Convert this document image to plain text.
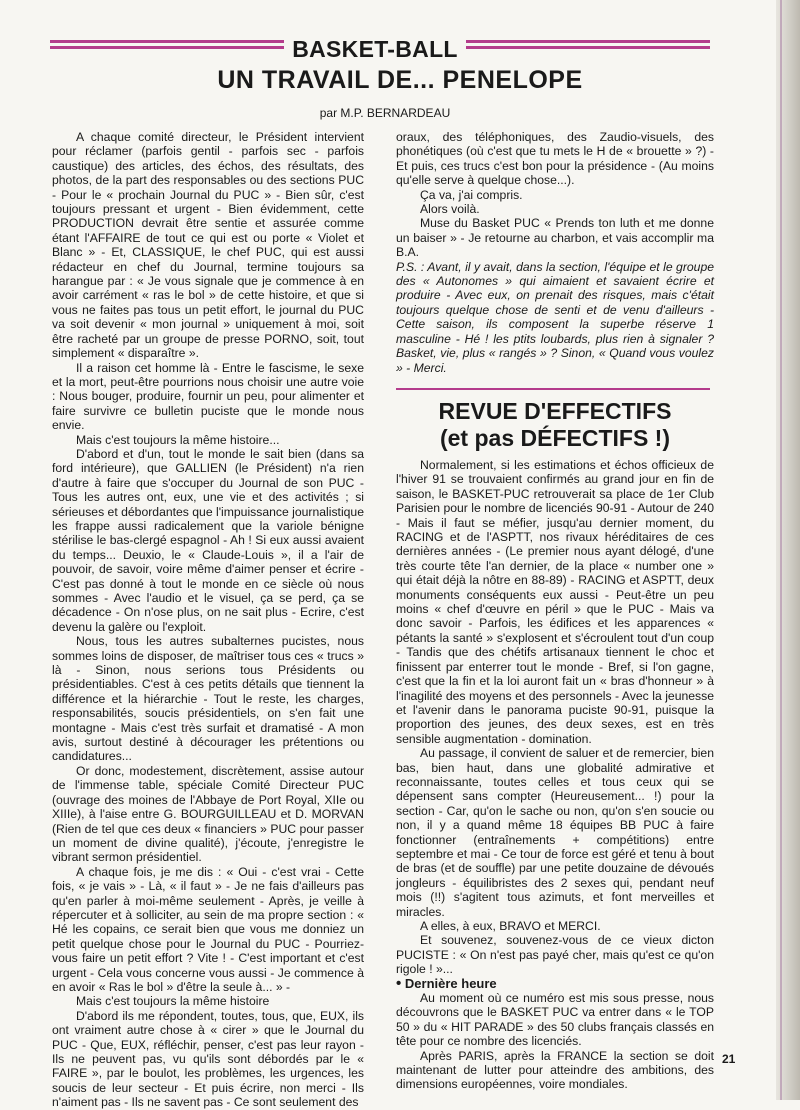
BASKET-BALL
UN TRAVAIL DE... PENELOPE
par M.P. BERNARDEAU

A chaque comité directeur, le Président intervient pour réclamer (parfois gentil - parfois sec - parfois caustique) des articles, des échos, des résultats, des photos, de la part des responsables ou des sections PUC - Pour le « prochain Journal du PUC » - Bien sûr, c'est toujours pressant et urgent - Bien évidemment, cette PRODUCTION devrait être sentie et assurée comme étant l'AFFAIRE de tout ce qui est ou porte « Violet et Blanc » - Et, CLASSIQUE, le chef PUC, qui est aussi rédacteur en chef du Journal, termine toujours sa harangue par : « Je vous signale que je commence à en avoir carrément « ras le bol » de cette histoire, et que si vous ne faites pas tous un petit effort, le journal du PUC va soit devenir « mon journal » uniquement à moi, soit être racheté par un groupe de presse PORNO, soit, tout simplement « disparaître ».

Il a raison cet homme là - Entre le fascisme, le sexe et la mort, peut-être pourrions nous choisir une autre voie : Nous bouger, produire, fournir un peu, pour alimenter et faire survivre ce bulletin puciste que le monde nous envie.

Mais c'est toujours la même histoire...

D'abord et d'un, tout le monde le sait bien (dans sa ford intérieure), que GALLIEN (le Président) n'a rien d'autre à faire que s'occuper du Journal de son PUC - Tous les autres ont, eux, une vie et des activités ; si sérieuses et débordantes que l'impuissance journalistique les frappe aussi radicalement que la variole bénigne stérilise le bas-clergé espagnol - Ah ! Si eux aussi avaient du temps... Deuxio, le « Claude-Louis », il a l'air de pouvoir, de savoir, voire même d'aimer penser et écrire - C'est pas donné à tout le monde en ce siècle où nous sommes - Avec l'audio et le visuel, ça se perd, ça se décadence - On n'ose plus, on ne sait plus - Ecrire, c'est devenu la galère ou l'exploit.

Nous, tous les autres subalternes pucistes, nous sommes loins de disposer, de maîtriser tous ces « trucs » là - Sinon, nous serions tous Présidents ou présidentiables. C'est à ces petits détails que tiennent la différence et la hiérarchie - Tout le reste, les charges, responsabilités, soucis présidentiels, on s'en fait une montagne - Mais c'est très surfait et dramatisé - A mon avis, surtout destiné à décourager les prétentions ou candidatures...

Or donc, modestement, discrètement, assise autour de l'immense table, spéciale Comité Directeur PUC (ouvrage des moines de l'Abbaye de Port Royal, XIIe ou XIIIe), à l'aise entre G. BOURGUILLEAU et D. MORVAN (Rien de tel que ces deux « financiers » PUC pour passer un moment de divine qualité), j'écoute, j'enregistre le vibrant sermon présidentiel.

A chaque fois, je me dis : « Oui - c'est vrai - Cette fois, « je vais » - Là, « il faut » - Je ne fais d'ailleurs pas qu'en parler à moi-même seulement - Après, je veille à répercuter et à solliciter, au sein de ma propre section : « Hé les copains, ce serait bien que vous me donniez un petit quelque chose pour le Journal du PUC - Pourriez-vous faire un petit effort ? Vite ! - C'est important et c'est urgent - Cela vous concerne vous aussi - Je commence à en avoir « Ras le bol » d'être la seule à... » -

Mais c'est toujours la même histoire

D'abord ils me répondent, toutes, tous, que, EUX, ils ont vraiment autre chose à « cirer » que le Journal du PUC - Que, EUX, réfléchir, penser, c'est pas leur rayon - Ils ne peuvent pas, vu qu'ils sont débordés par le « FAIRE », par le boulot, les problèmes, les urgences, les soucis de leur secteur - Et puis écrire, non merci - Ils n'aiment pas - Ils ne savent pas - Ce sont seulement des

oraux, des téléphoniques, des Zaudio-visuels, des phonétiques (où c'est que tu mets le H de « brouette » ?) - Et puis, ces trucs c'est bon pour la présidence - (Au moins qu'elle serve à quelque chose...).

Ça va, j'ai compris.

Alors voilà.

Muse du Basket PUC « Prends ton luth et me donne un baiser » - Je retourne au charbon, et vais accomplir ma B.A.

P.S. : Avant, il y avait, dans la section, l'équipe et le groupe des « Autonomes » qui aimaient et savaient écrire et produire - Avec eux, on prenait des risques, mais c'était toujours quelque chose de senti et de venu d'ailleurs - Cette saison, ils composent la superbe réserve 1 masculine - Hé ! les ptits loubards, plus rien à signaler ? Basket, vie, plus « rangés » ? Sinon, « Quand vous voulez » - Merci.

REVUE D'EFFECTIFS
(et pas DÉFECTIFS !)

Normalement, si les estimations et échos officieux de l'hiver 91 se trouvaient confirmés au grand jour en fin de saison, le BASKET-PUC retrouverait sa place de 1er Club Parisien pour le nombre de licenciés 90-91 - Autour de 240 - Mais il faut se méfier, jusqu'au dernier moment, du RACING et de l'ASPTT, nos rivaux héréditaires de ces dernières années - (Le premier nous ayant délogé, d'une très courte tête l'an dernier, de la place « number one » qui était déjà la nôtre en 88-89) - RACING et ASPTT, deux monuments conséquents eux aussi - Peut-être un peu moins « chef d'œuvre en péril » que le PUC - Mais va donc savoir - Parfois, les édifices et les apparences « pétants la santé » s'explosent et s'écroulent tout d'un coup - Tandis que des chétifs artisanaux tiennent le choc et finissent par enterrer tout le monde - Bref, si l'on gagne, c'est que la fin et la loi auront fait un « bras d'honneur » à l'inagilité des moyens et des personnels - Avec la jeunesse et l'avenir dans le panorama puciste 90-91, puisque la proportion des jeunes, des deux sexes, est en très sensible augmentation - domination.

Au passage, il convient de saluer et de remercier, bien bas, bien haut, dans une globalité admirative et reconnaissante, toutes celles et tous ceux qui se dépensent sans compter (Heureusement... !) pour la section - Car, qu'on le sache ou non, qu'on s'en soucie ou non, il y a quand même 18 équipes BB PUC à faire fonctionner (entraînements + compétitions) entre septembre et mai - Ce tour de force est géré et tenu à bout de bras (et de souffle) par une petite douzaine de dévoués jongleurs - équilibristes des 2 sexes qui, pendant neuf mois (!!) s'agitent tous azimuts, et font merveilles et miracles.

A elles, à eux, BRAVO et MERCI.

Et souvenez, souvenez-vous de ce vieux dicton PUCISTE : « On n'est pas payé cher, mais qu'est ce qu'on rigole ! »...

• Dernière heure

Au moment où ce numéro est mis sous presse, nous découvrons que le BASKET PUC va entrer dans « le TOP 50 » du « HIT PARADE » des 50 clubs français classés en tête pour ce nombre des licenciés.

Après PARIS, après la FRANCE la section se doit maintenant de lutter pour atteindre des ambitions, des dimensions européennes, voire mondiales.

21
